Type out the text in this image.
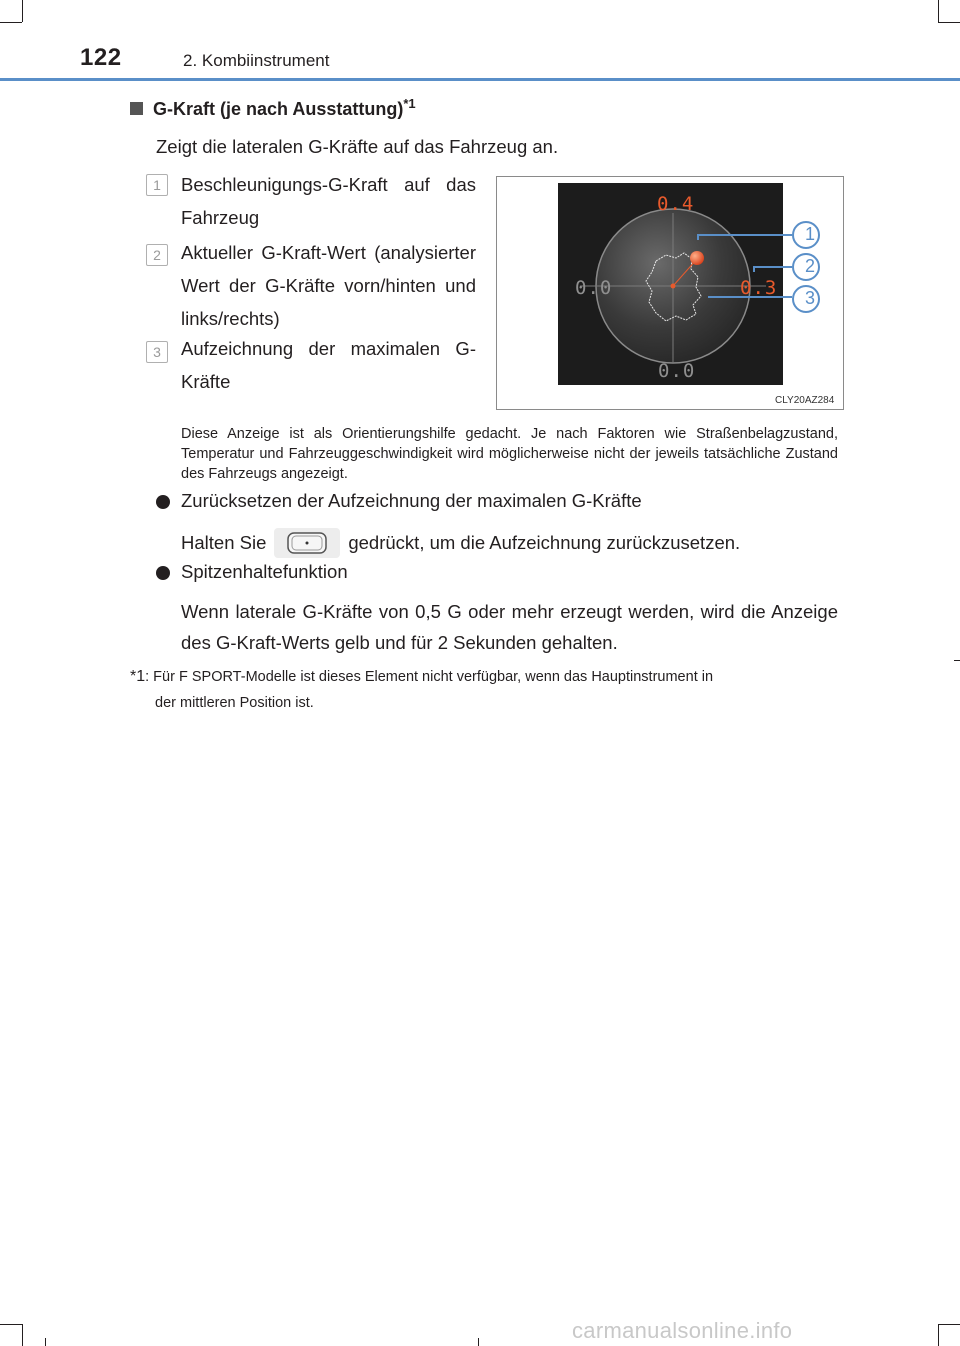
122	2. Kombiinstrument
G-Kraft (je nach Ausstattung)$^{*1}$
Zeigt die lateralen G-Kräfte auf das Fahrzeug an.
1	Beschleunigungs-G-Kraft auf das Fahrzeug
2	Aktueller G-Kraft-Wert (analysierter Wert der G-Kräfte vorn/hinten und links/rechts)
3	Aufzeichnung der maximalen G-Kräfte
0.4
0.0
0.0
0.3
1
2
3
CLY20AZ284
Diese Anzeige ist als Orientierungshilfe gedacht. Je nach Faktoren wie Straßenbelagzustand, Temperatur und Fahrzeuggeschwindigkeit wird möglicherweise nicht der jeweils tatsächliche Zustand des Fahrzeugs angezeigt.
Zurücksetzen der Aufzeichnung der maximalen G-Kräfte
Halten Sie	gedrückt, um die Aufzeichnung zurückzusetzen.
Spitzenhaltefunktion
Wenn laterale G-Kräfte von 0,5 G oder mehr erzeugt werden, wird die Anzeige des G-Kraft-Werts gelb und für 2 Sekunden gehalten.
*1: Für F SPORT-Modelle ist dieses Element nicht verfügbar, wenn das Hauptinstrument in
der mittleren Position ist.
carmanualsonline.info
